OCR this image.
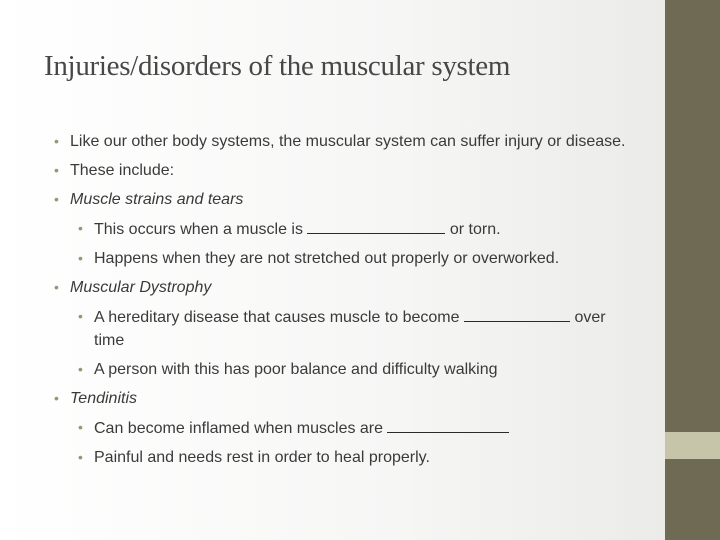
Injuries/disorders of the muscular system
• Like our other body systems, the muscular system can suffer injury or disease.
• These include:
• Muscle strains and tears
• This occurs when a muscle is	or torn.
• Happens when they are not stretched out properly or overworked.
• Muscular Dystrophy
• A hereditary disease that causes muscle to become	over time
• A person with this has poor balance and difficulty walking
• Tendinitis
• Can become inflamed when muscles are
• Painful and needs rest in order to heal properly.
